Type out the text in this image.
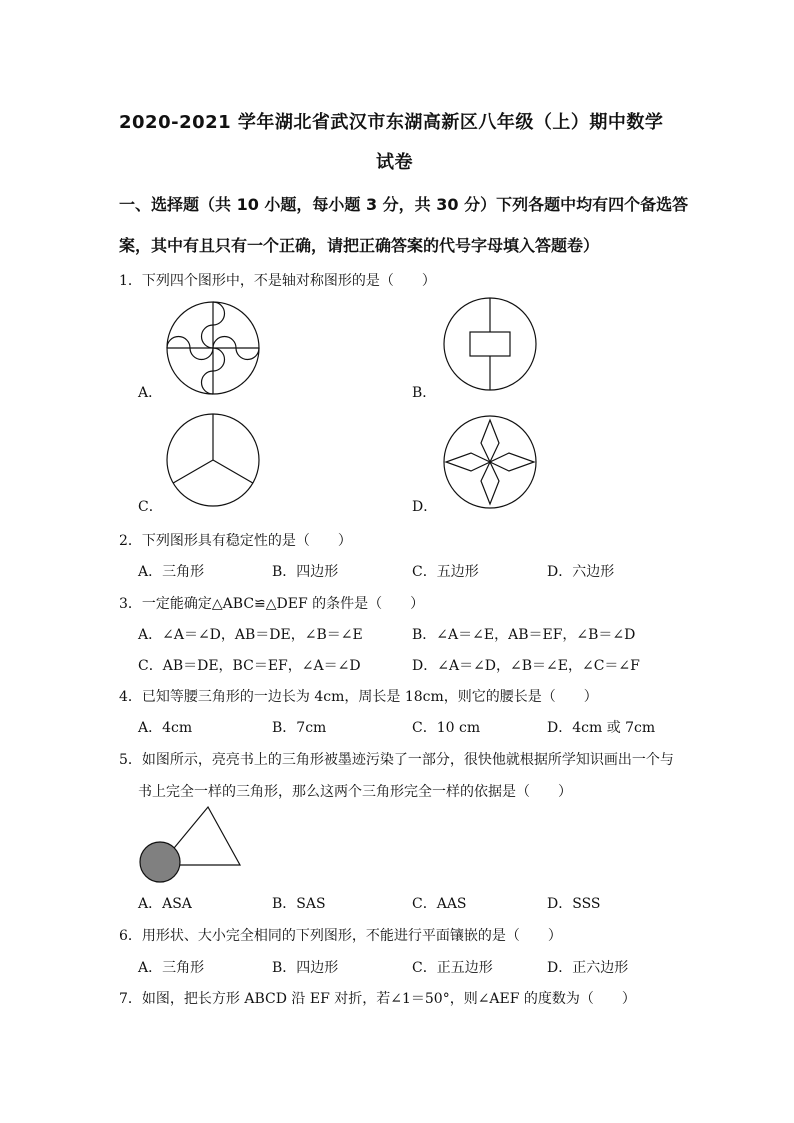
2020-2021 学年湖北省武汉市东湖高新区八年级（上）期中数学
试卷
一、选择题（共 10 小题，每小题 3 分，共 30 分）下列各题中均有四个备选答
案，其中有且只有一个正确，请把正确答案的代号字母填入答题卷）
1．下列四个图形中，不是轴对称图形的是（　　）
A．	B．
C．	D．
2．下列图形具有稳定性的是（　　）
A．三角形	B．四边形	C．五边形	D．六边形
3．一定能确定△ABC≌△DEF 的条件是（　　）
A．∠A＝∠D，AB＝DE，∠B＝∠E	B．∠A＝∠E，AB＝EF，∠B＝∠D
C．AB＝DE，BC＝EF，∠A＝∠D	D．∠A＝∠D，∠B＝∠E，∠C＝∠F
4．已知等腰三角形的一边长为 4cm，周长是 18cm，则它的腰长是（　　）
A．4cm	B．7cm	C．10 cm	D．4cm 或 7cm
5．如图所示，亮亮书上的三角形被墨迹污染了一部分，很快他就根据所学知识画出一个与
书上完全一样的三角形，那么这两个三角形完全一样的依据是（　　）
A．ASA	B．SAS	C．AAS	D．SSS
6．用形状、大小完全相同的下列图形，不能进行平面镶嵌的是（　　）
A．三角形	B．四边形	C．正五边形	D．正六边形
7．如图，把长方形 ABCD 沿 EF 对折，若∠1＝50°，则∠AEF 的度数为（　　）
